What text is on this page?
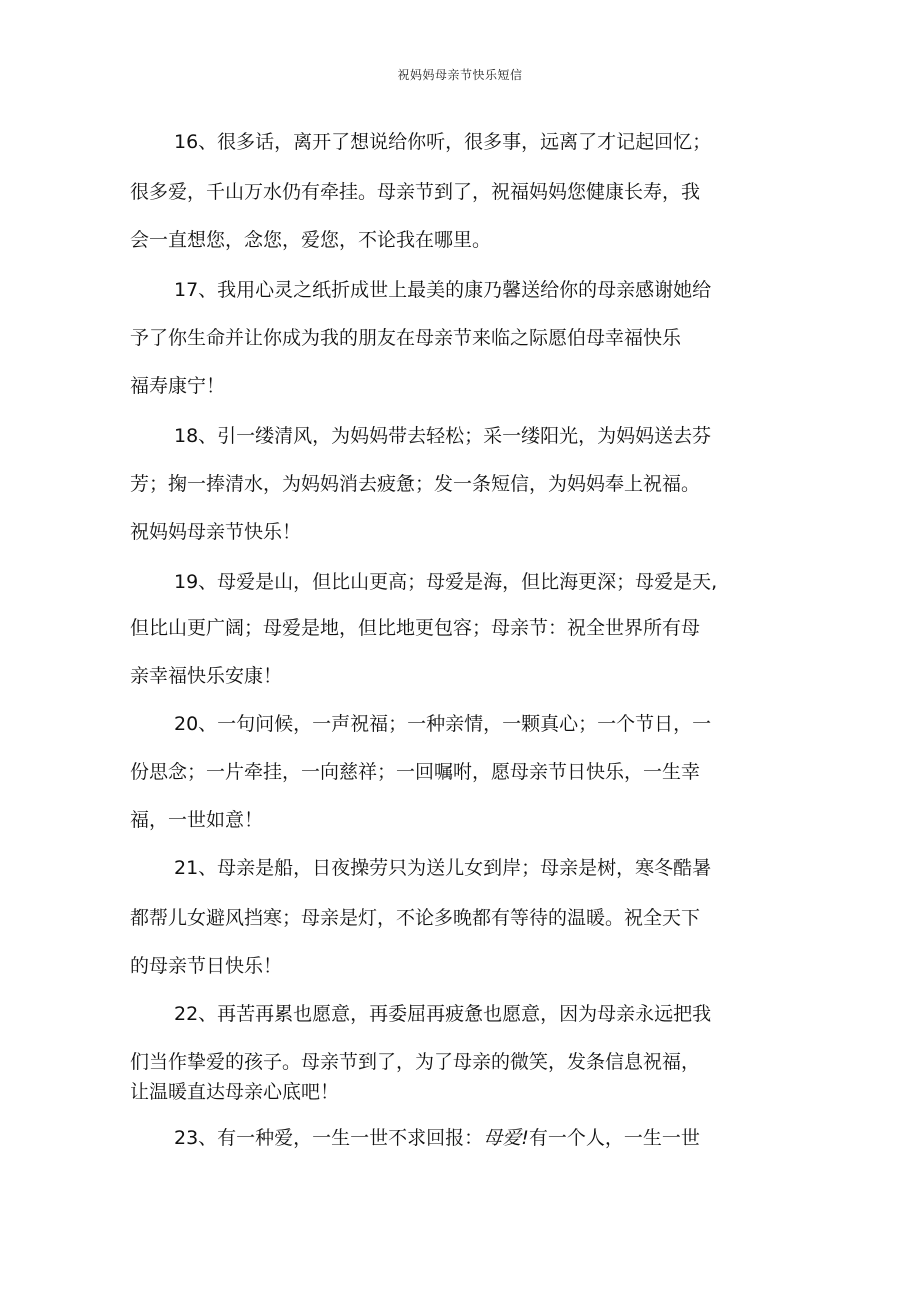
祝妈妈母亲节快乐短信
16、很多话，离开了想说给你听，很多事，远离了才记起回忆；
很多爱，千山万水仍有牵挂。母亲节到了，祝福妈妈您健康长寿，我
会一直想您，念您，爱您，不论我在哪里。
17、我用心灵之纸折成世上最美的康乃馨送给你的母亲感谢她给
予了你生命并让你成为我的朋友在母亲节来临之际愿伯母幸福快乐
福寿康宁！
18、引一缕清风，为妈妈带去轻松；采一缕阳光，为妈妈送去芬
芳；掬一捧清水，为妈妈消去疲惫；发一条短信，为妈妈奉上祝福。
祝妈妈母亲节快乐！
19、母爱是山，但比山更高；母爱是海，但比海更深；母爱是天,
但比山更广阔；母爱是地，但比地更包容；母亲节：祝全世界所有母
亲幸福快乐安康！
20、一句问候，一声祝福；一种亲情，一颗真心；一个节日，一
份思念；一片牵挂，一向慈祥；一回嘱咐，愿母亲节日快乐，一生幸
福，一世如意！
21、母亲是船，日夜操劳只为送儿女到岸；母亲是树，寒冬酷暑
都帮儿女避风挡寒；母亲是灯，不论多晚都有等待的温暖。祝全天下
的母亲节日快乐！
22、再苦再累也愿意，再委屈再疲惫也愿意，因为母亲永远把我
们当作挚爱的孩子。母亲节到了，为了母亲的微笑，发条信息祝福，
让温暖直达母亲心底吧！
23、有一种爱，一生一世不求回报：母爱!有一个人，一生一世
